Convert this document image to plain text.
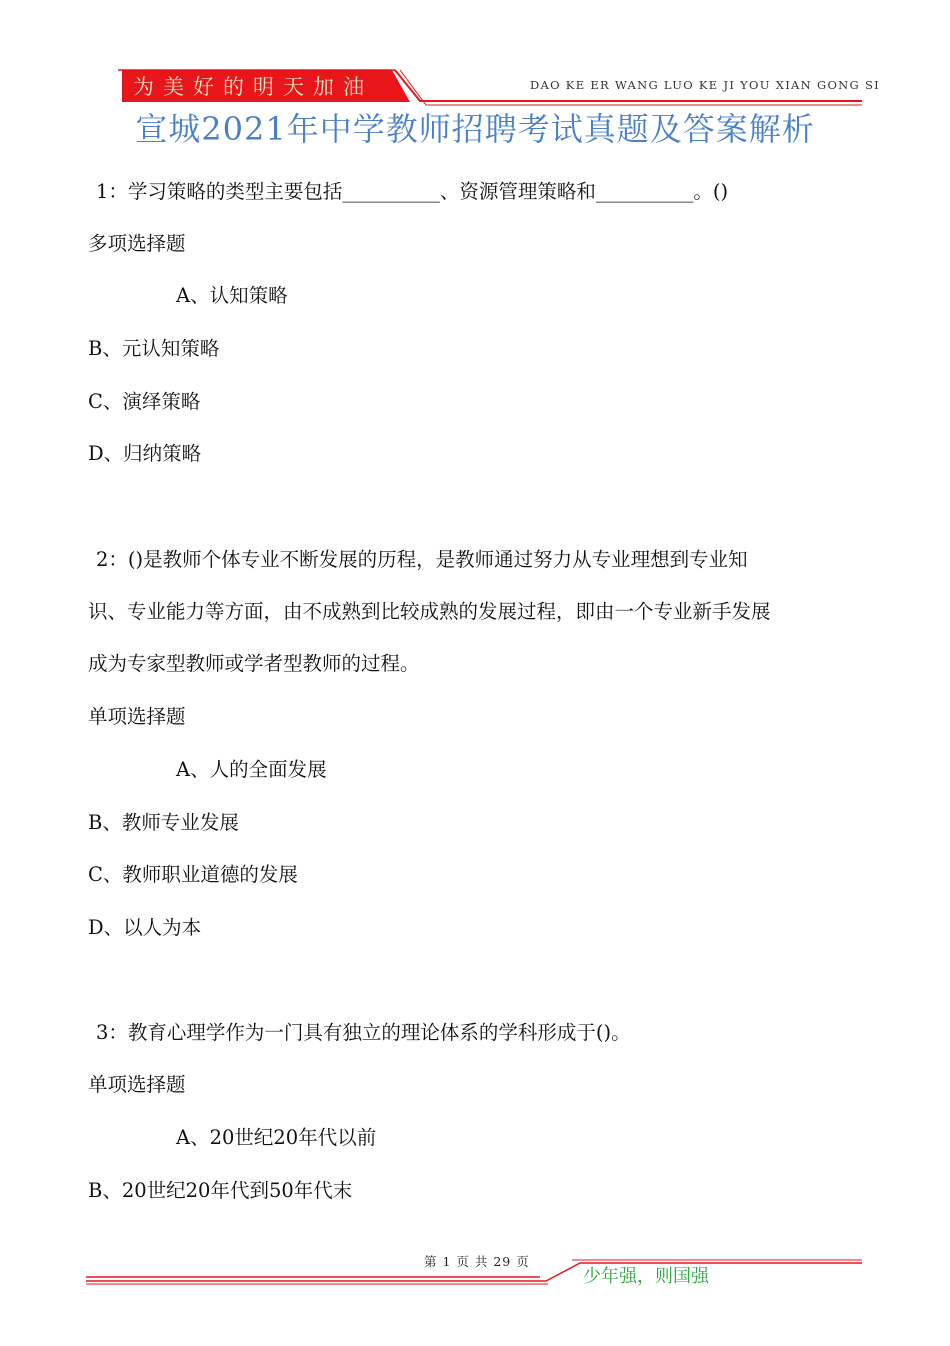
为美好的明天加油	DAO KE ER WANG LUO KE JI YOU XIAN GONG SI
宣城2021年中学教师招聘考试真题及答案解析
1：学习策略的类型主要包括__________、资源管理策略和__________。()
多项选择题
A、认知策略
B、元认知策略
C、演绎策略
D、归纳策略
2：()是教师个体专业不断发展的历程，是教师通过努力从专业理想到专业知
识、专业能力等方面，由不成熟到比较成熟的发展过程，即由一个专业新手发展
成为专家型教师或学者型教师的过程。
单项选择题
A、人的全面发展
B、教师专业发展
C、教师职业道德的发展
D、以人为本
3：教育心理学作为一门具有独立的理论体系的学科形成于()。
单项选择题
A、20世纪20年代以前
B、20世纪20年代到50年代末
第 1 页 共 29 页
少年强，则国强
